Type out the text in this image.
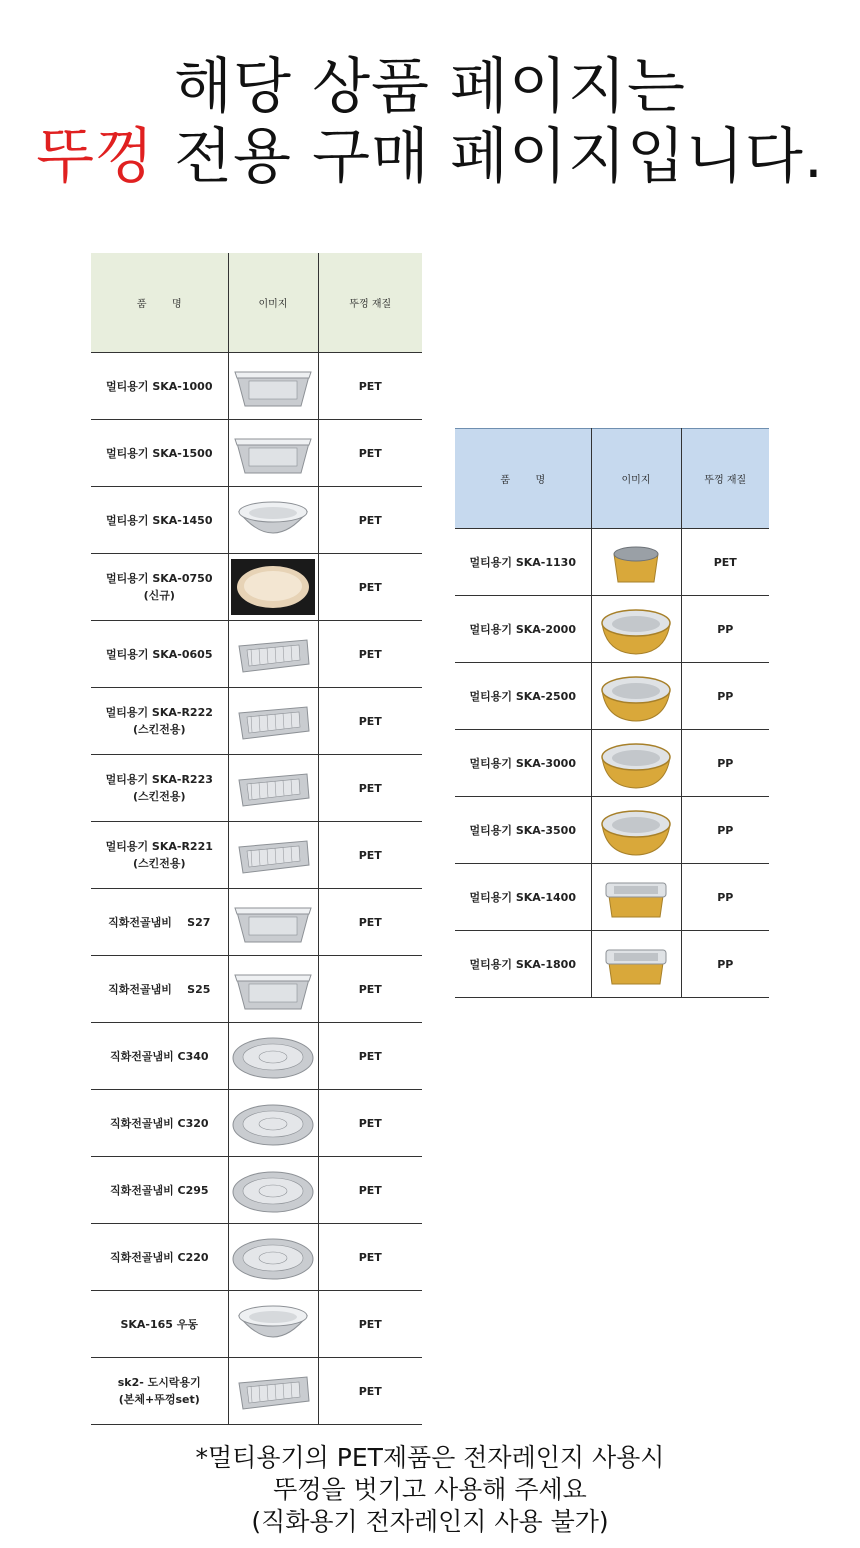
해당 상품 페이지는
뚜껑 전용 구매 페이지입니다.
품        명	이미지	뚜껑 재질

멀티용기 SKA-1000		PET

멀티용기 SKA-1500		PET

멀티용기 SKA-1450		PET

멀티용기 SKA-0750
(신규)		PET

멀티용기 SKA-0605		PET

멀티용기 SKA-R222
(스킨전용)		PET

멀티용기 SKA-R223
(스킨전용)		PET

멀티용기 SKA-R221
(스킨전용)		PET

직화전골냄비    S27		PET

직화전골냄비    S25		PET

직화전골냄비 C340		PET

직화전골냄비 C320		PET

직화전골냄비 C295		PET

직화전골냄비 C220		PET

SKA-165 우동		PET

sk2- 도시락용기
(본체+뚜껑set)		PET
품        명	이미지	뚜껑 재질

멀티용기 SKA-1130		PET

멀티용기 SKA-2000		PP

멀티용기 SKA-2500		PP

멀티용기 SKA-3000		PP

멀티용기 SKA-3500		PP

멀티용기 SKA-1400		PP

멀티용기 SKA-1800		PP
*멀티용기의 PET제품은 전자레인지 사용시
뚜껑을 벗기고 사용해 주세요
(직화용기 전자레인지 사용 불가)
